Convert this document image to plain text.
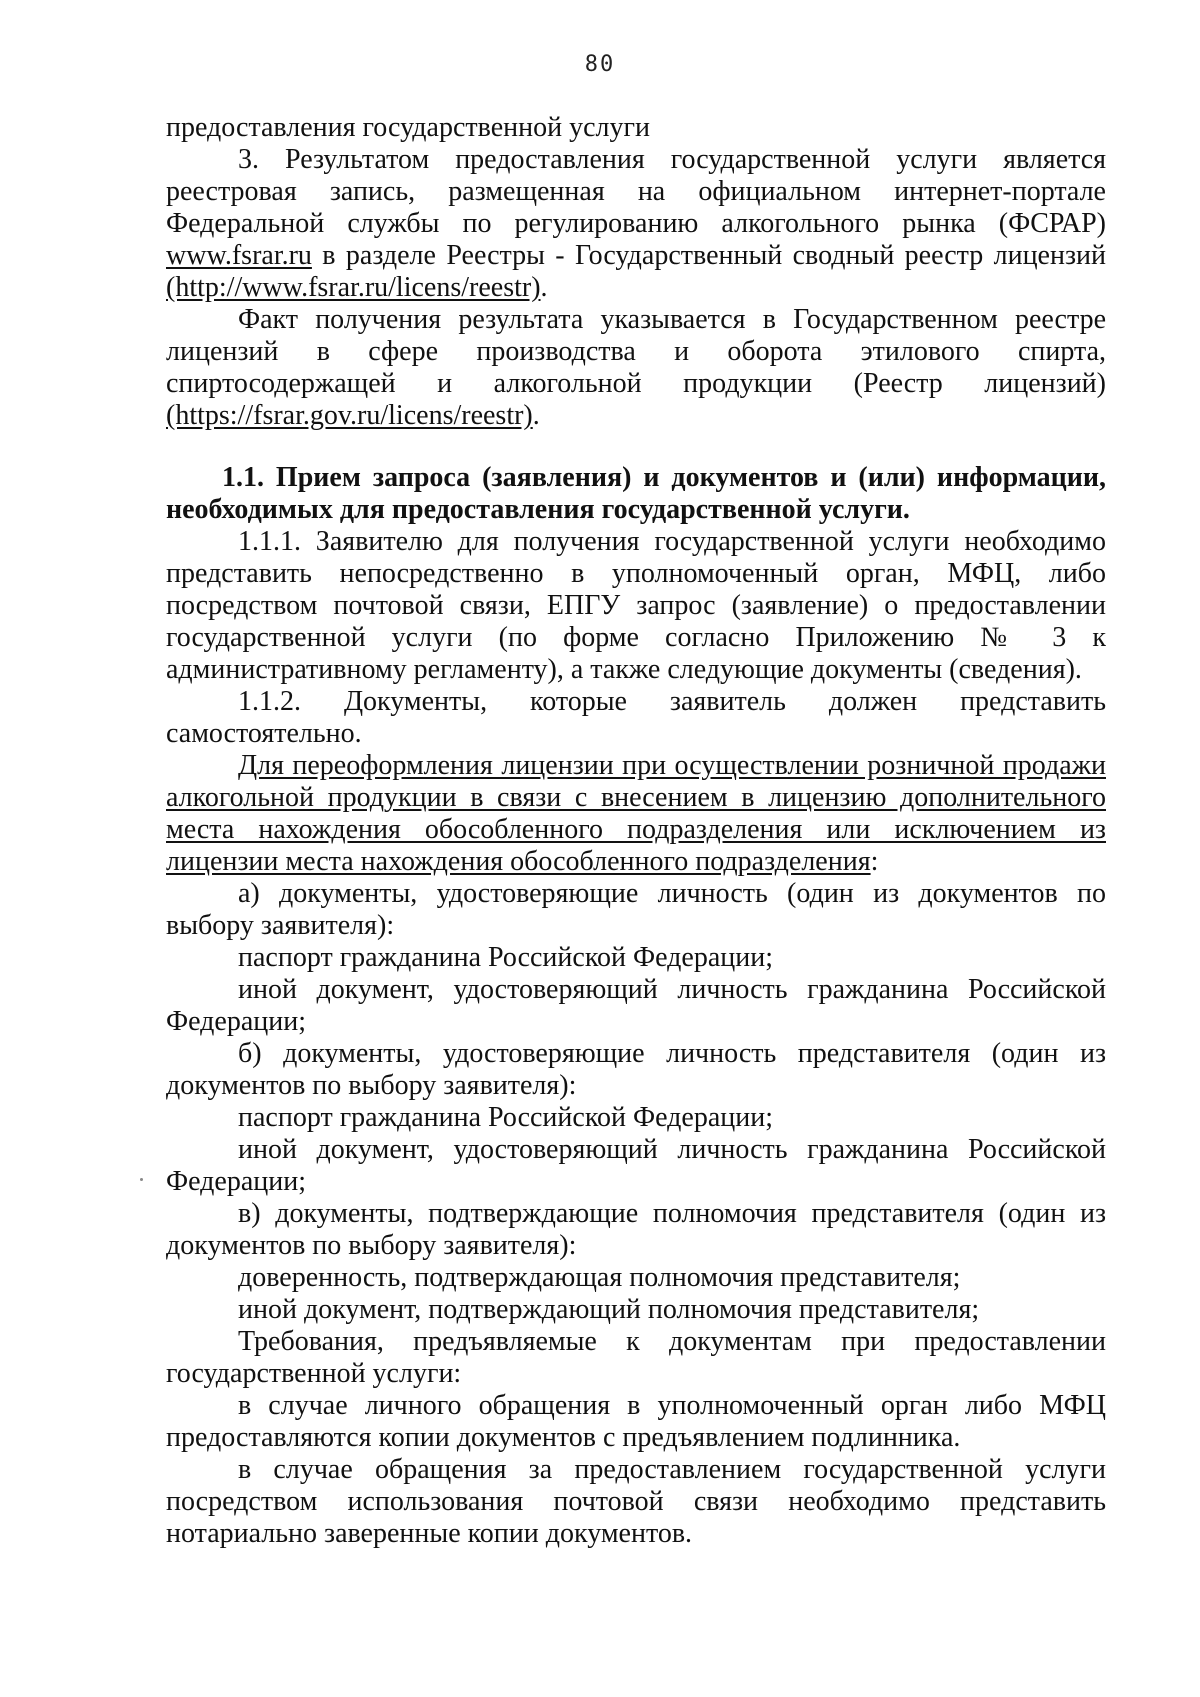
80

предоставления государственной услуги

3. Результатом предоставления государственной услуги является реестровая запись, размещенная на официальном интернет-портале Федеральной службы по регулированию алкогольного рынка (ФСРАР) www.fsrar.ru в разделе Реестры - Государственный сводный реестр лицензий (http://www.fsrar.ru/licens/reestr).

Факт получения результата указывается в Государственном реестре лицензий в сфере производства и оборота этилового спирта, спиртосодержащей и алкогольной продукции (Реестр лицензий) (https://fsrar.gov.ru/licens/reestr).

1.1. Прием запроса (заявления) и документов и (или) информации, необходимых для предоставления государственной услуги.

1.1.1. Заявителю для получения государственной услуги необходимо представить непосредственно в уполномоченный орган, МФЦ, либо посредством почтовой связи, ЕПГУ запрос (заявление) о предоставлении государственной услуги (по форме согласно Приложению № 3 к административному регламенту), а также следующие документы (сведения).

1.1.2. Документы, которые заявитель должен представить самостоятельно.

Для переоформления лицензии при осуществлении розничной продажи алкогольной продукции в связи с внесением в лицензию дополнительного места нахождения обособленного подразделения или исключением из лицензии места нахождения обособленного подразделения:

а) документы, удостоверяющие личность (один из документов по выбору заявителя):

паспорт гражданина Российской Федерации;

иной документ, удостоверяющий личность гражданина Российской Федерации;

б) документы, удостоверяющие личность представителя (один из документов по выбору заявителя):

паспорт гражданина Российской Федерации;

иной документ, удостоверяющий личность гражданина Российской Федерации;

в) документы, подтверждающие полномочия представителя (один из документов по выбору заявителя):

доверенность, подтверждающая полномочия представителя;

иной документ, подтверждающий полномочия представителя;

Требования, предъявляемые к документам при предоставлении государственной услуги:

в случае личного обращения в уполномоченный орган либо МФЦ предоставляются копии документов с предъявлением подлинника.

в случае обращения за предоставлением государственной услуги посредством использования почтовой связи необходимо представить нотариально заверенные копии документов.
